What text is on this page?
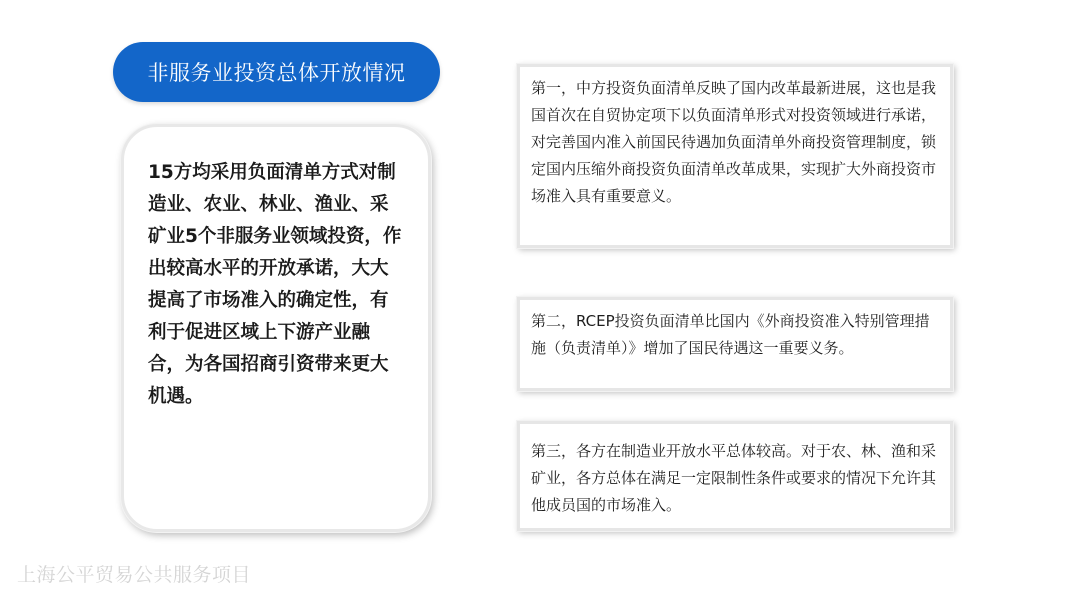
非服务业投资总体开放情况

15方均采用负面清单方式对制造业、农业、林业、渔业、采矿业5个非服务业领域投资，作出较高水平的开放承诺，大大提高了市场准入的确定性，有利于促进区域上下游产业融合，为各国招商引资带来更大机遇。

第一，中方投资负面清单反映了国内改革最新进展，这也是我国首次在自贸协定项下以负面清单形式对投资领域进行承诺，对完善国内准入前国民待遇加负面清单外商投资管理制度，锁定国内压缩外商投资负面清单改革成果，实现扩大外商投资市场准入具有重要意义。

第二，RCEP投资负面清单比国内《外商投资准入特别管理措施（负责清单）》增加了国民待遇这一重要义务。

第三，各方在制造业开放水平总体较高。对于农、林、渔和采矿业，各方总体在满足一定限制性条件或要求的情况下允许其他成员国的市场准入。

上海公平贸易公共服务项目
